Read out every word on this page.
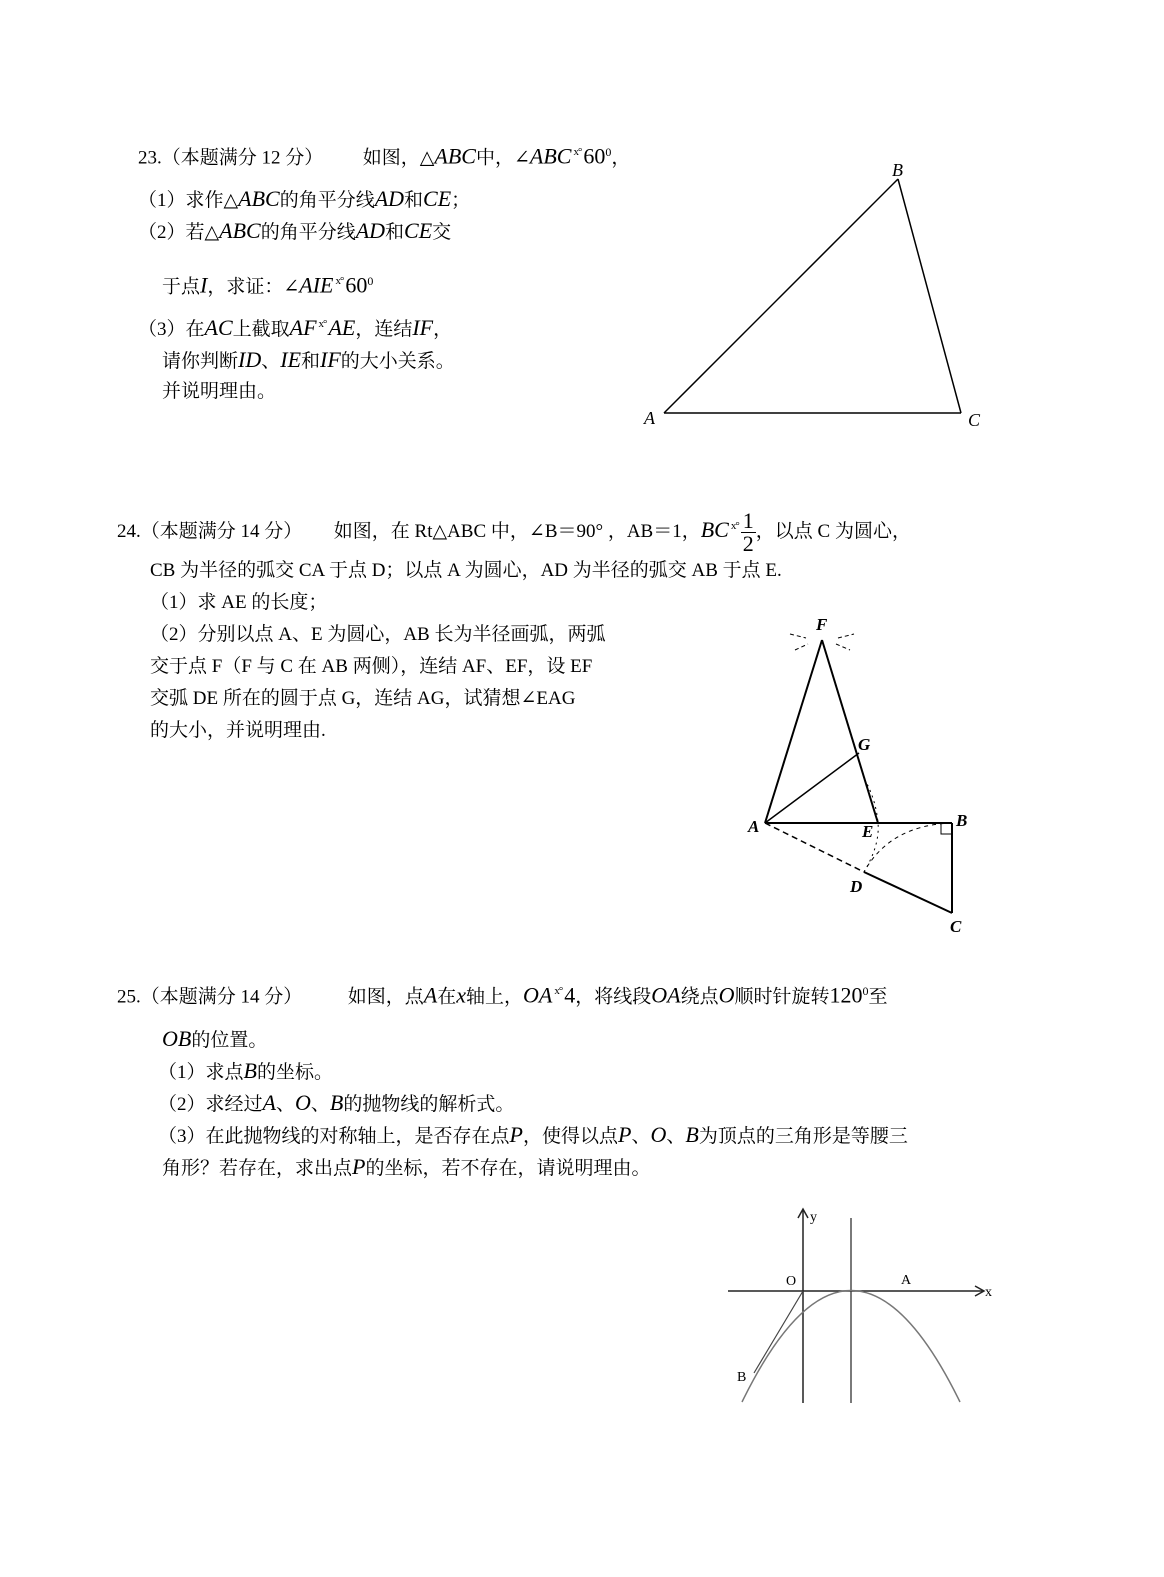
23.（本题满分 12 分） 如图，△ABC中，∠ABC $^{x^\circ}60^0$，
（1）求作△ABC的角平分线AD和CE；
（2）若△ABC的角平分线AD和CE交
于点I，求证：∠AIE $^{x^\circ}60^0$
（3）在AC上截取AF $^{x^\circ}$AE，连结IF，
请你判断ID、IE和IF的大小关系。
并说明理由。
B
A	C
24.（本题满分 14 分） 如图，在 Rt△ABC 中，∠B＝90° ，AB＝1，BC $^{x^\circ} \frac{1}{2}$ ，以点 C 为圆心，
CB 为半径的弧交 CA 于点 D；以点 A 为圆心，AD 为半径的弧交 AB 于点 E.
（1）求 AE 的长度；
（2）分别以点 A、E 为圆心，AB 长为半径画弧，两弧
交于点 F（F 与 C 在 AB 两侧），连结 AF、EF，设 EF
交弧 DE 所在的圆于点 G，连结 AG，试猜想∠EAG
的大小，并说明理由.
F
G
A	E
B
D
C
25.（本题满分 14 分） 如图，点A在x轴上，OA $^{x^\circ}$4，将线段OA绕点O顺时针旋转$120^0$至
OB的位置。
（1）求点B的坐标。
（2）求经过A、O、B的抛物线的解析式。
（3）在此抛物线的对称轴上，是否存在点P，使得以点P、O、B为顶点的三角形是等腰三
角形？若存在，求出点P的坐标，若不存在，请说明理由。
y
x
O	A
B
